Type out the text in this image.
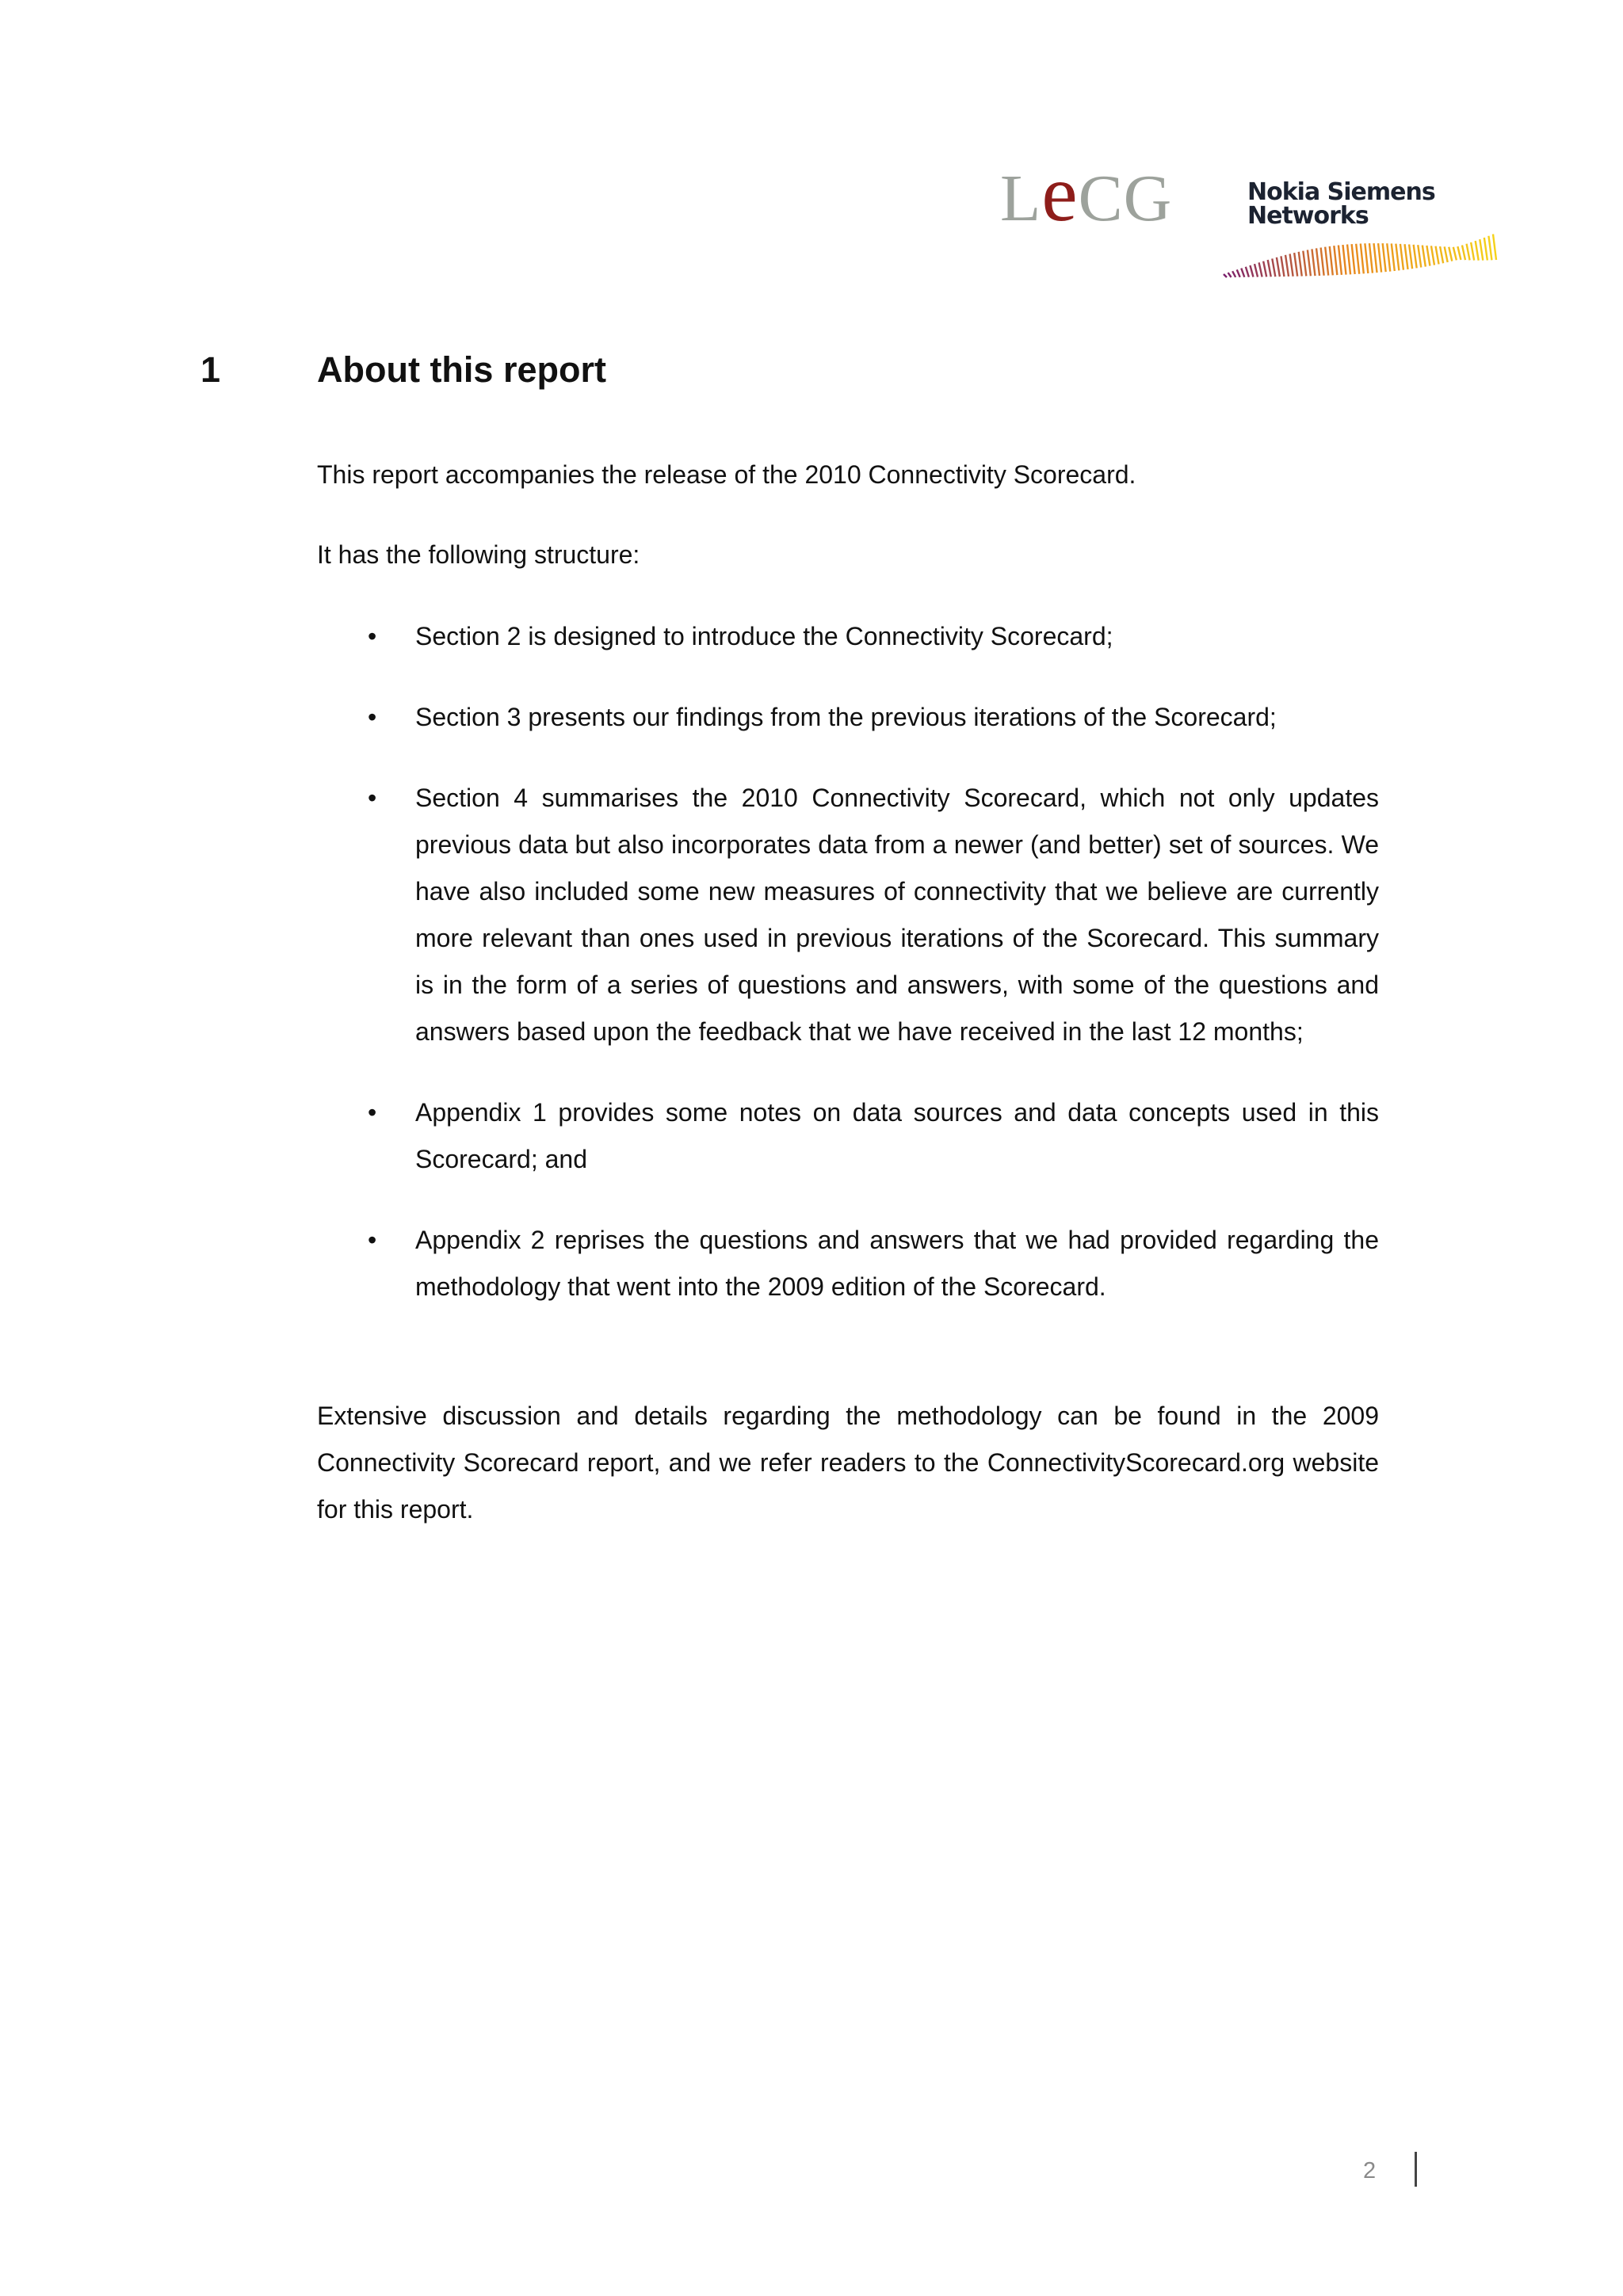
LeCG	Nokia Siemens
Networks
1	About this report

This report accompanies the release of the 2010 Connectivity Scorecard.

It has the following structure:

• Section 2 is designed to introduce the Connectivity Scorecard;
• Section 3 presents our findings from the previous iterations of the Scorecard;
• Section 4 summarises the 2010 Connectivity Scorecard, which not only updates previous data but also incorporates data from a newer (and better) set of sources. We have also included some new measures of connectivity that we believe are currently more relevant than ones used in previous iterations of the Scorecard. This summary is in the form of a series of questions and answers, with some of the questions and answers based upon the feedback that we have received in the last 12 months;
• Appendix 1 provides some notes on data sources and data concepts used in this Scorecard; and
• Appendix 2 reprises the questions and answers that we had provided regarding the methodology that went into the 2009 edition of the Scorecard.

Extensive discussion and details regarding the methodology can be found in the 2009 Connectivity Scorecard report, and we refer readers to the ConnectivityScorecard.org website for this report.

2
